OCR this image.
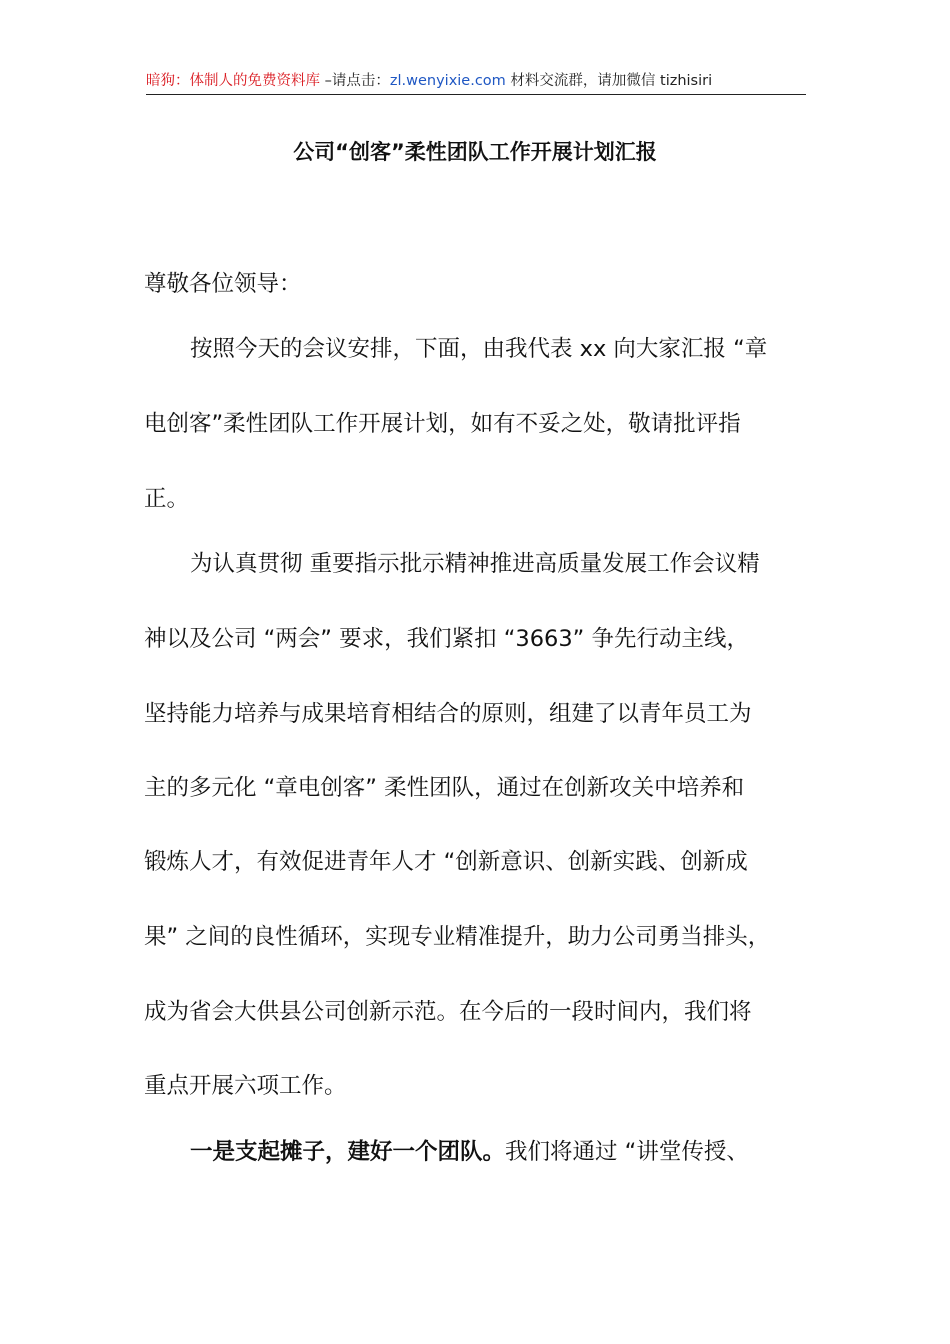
暗狗：体制人的免费资料库 –请点击：zl.wenyixie.com 材料交流群，请加微信 tizhisiri
公司“创客”柔性团队工作开展计划汇报
尊敬各位领导：
按照今天的会议安排，下面，由我代表 xx 向大家汇报 “章
电创客”柔性团队工作开展计划，如有不妥之处，敬请批评指
正。
为认真贯彻 重要指示批示精神推进高质量发展工作会议精
神以及公司 “两会” 要求，我们紧扣 “3663” 争先行动主线，
坚持能力培养与成果培育相结合的原则，组建了以青年员工为
主的多元化 “章电创客” 柔性团队，通过在创新攻关中培养和
锻炼人才，有效促进青年人才 “创新意识、创新实践、创新成
果” 之间的良性循环，实现专业精准提升，助力公司勇当排头，
成为省会大供县公司创新示范。在今后的一段时间内，我们将
重点开展六项工作。
一是支起摊子，建好一个团队。我们将通过 “讲堂传授、
